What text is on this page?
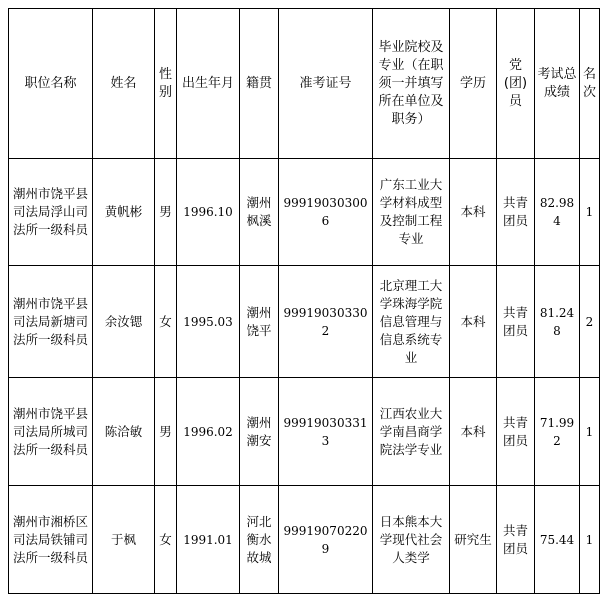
职位名称	姓名	性别	出生年月	籍贯	准考证号	毕业院校及专业（在职须一并填写所在单位及职务）	学历	党(团)员	考试总成绩	名次
潮州市饶平县司法局浮山司法所一级科员	黄帆彬	男	1996.10	潮州枫溪	999190303006	广东工业大学材料成型及控制工程专业	本科	共青团员	82.984	1
潮州市饶平县司法局新塘司法所一级科员	余汝锶	女	1995.03	潮州饶平	999190303302	北京理工大学珠海学院信息管理与信息系统专业	本科	共青团员	81.248	2
潮州市饶平县司法局所城司法所一级科员	陈洽敏	男	1996.02	潮州潮安	999190303313	江西农业大学南昌商学院法学专业	本科	共青团员	71.992	1
潮州市湘桥区司法局铁铺司法所一级科员	于枫	女	1991.01	河北衡水故城	999190702209	日本熊本大学现代社会人类学	研究生	共青团员	75.44	1
